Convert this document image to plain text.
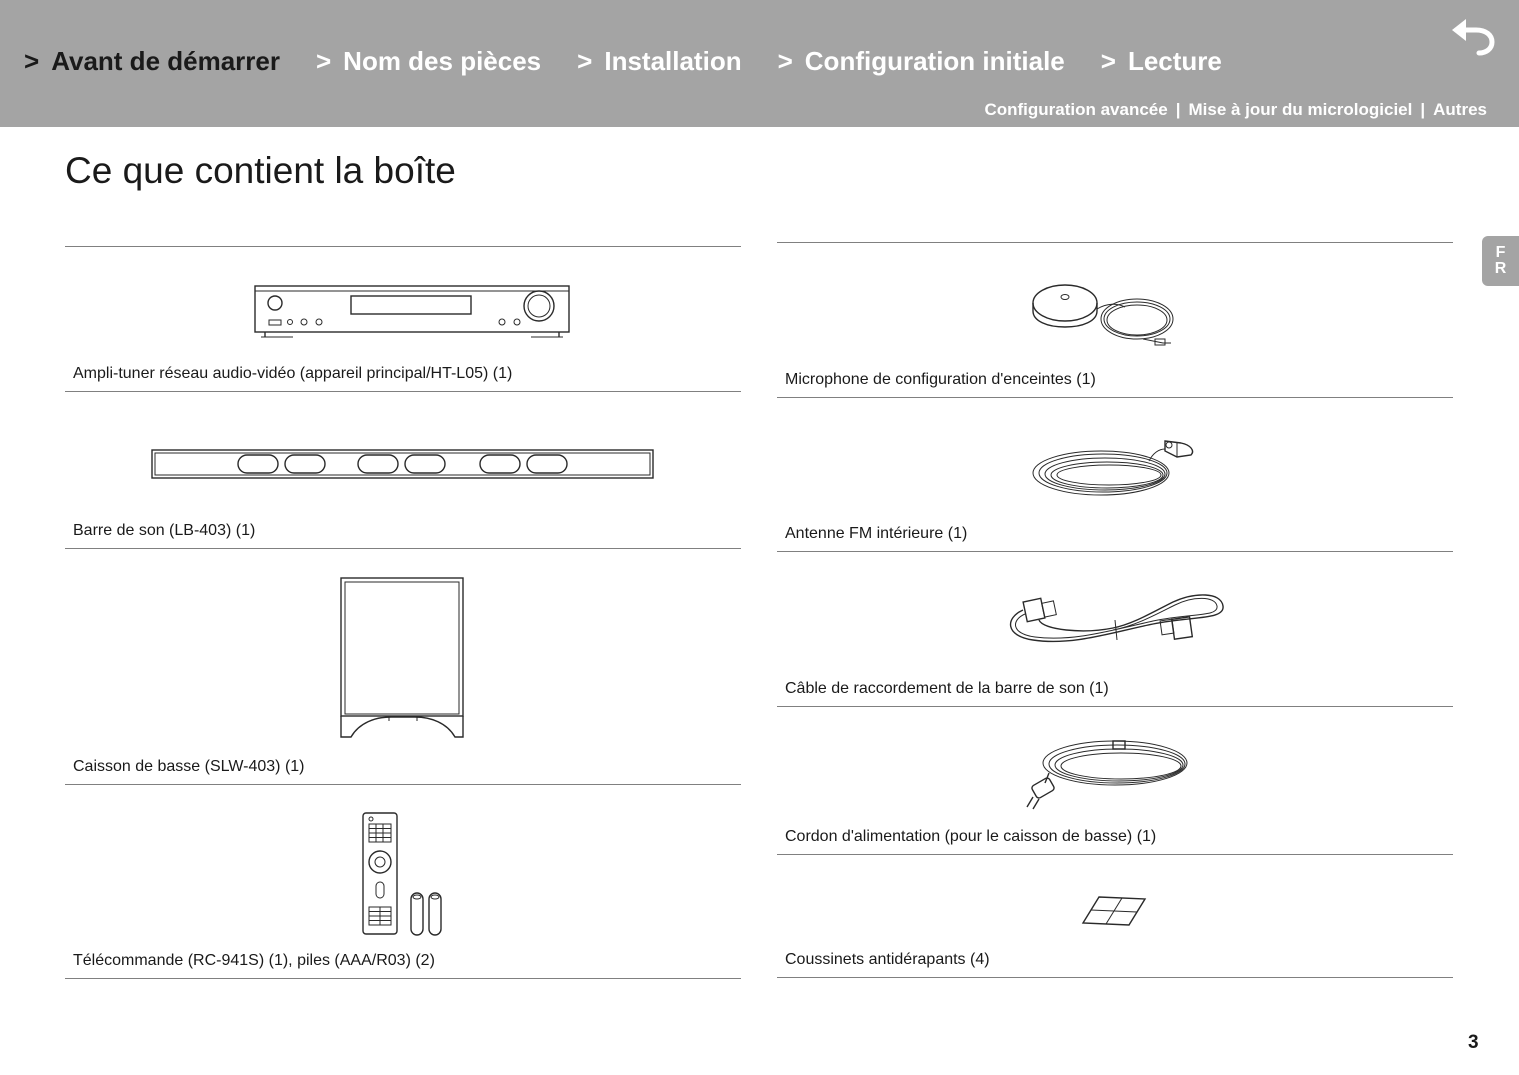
> Avant de démarrer > Nom des pièces > Installation > Configuration initiale > Lecture
Configuration avancée | Mise à jour du micrologiciel | Autres
Ce que contient la boîte
F
R
Ampli-tuner réseau audio-vidéo (appareil principal/HT-L05) (1)
Barre de son (LB-403) (1)
Caisson de basse (SLW-403) (1)
Télécommande (RC-941S) (1), piles (AAA/R03) (2)
Microphone de configuration d'enceintes (1)
Antenne FM intérieure (1)
Câble de raccordement de la barre de son (1)
Cordon d'alimentation (pour le caisson de basse) (1)
Coussinets antidérapants (4)
3
